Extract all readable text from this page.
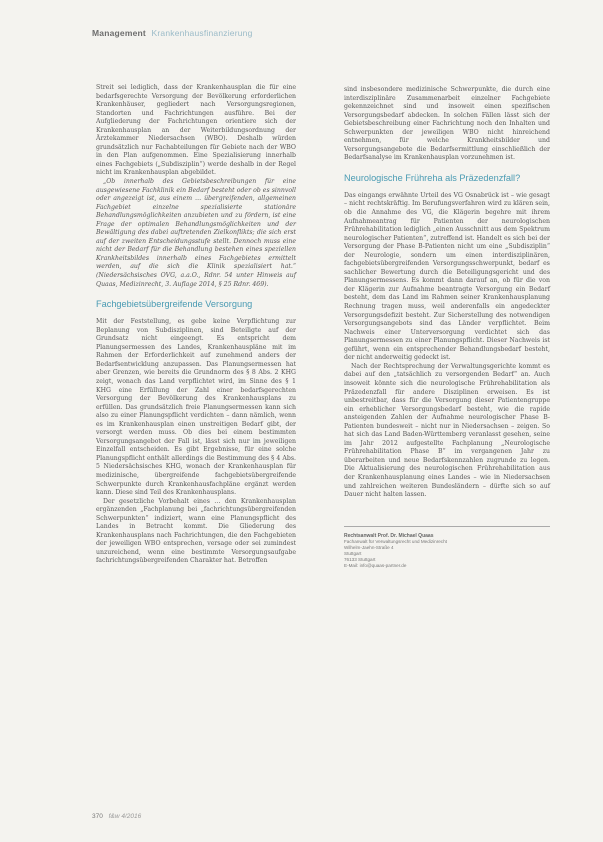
Management Krankenhausfinanzierung

Streit sei lediglich, dass der Krankenhausplan die für eine bedarfsgerechte Versorgung der Bevölkerung erforderlichen Krankenhäuser, gegliedert nach Versorgungsregionen, Standorten und Fachrichtungen ausführe. Bei der Aufgliederung der Fachrichtungen orientiere sich der Krankenhausplan an der Weiterbildungsordnung der Ärztekammer Niedersachsen (WBO). Deshalb würden grundsätzlich nur Fachabteilungen für Gebiete nach der WBO in den Plan aufgenommen. Eine Spezialisierung innerhalb eines Fachgebiets („Subdisziplin“) werde deshalb in der Regel nicht im Krankenhausplan abgebildet.

„Ob innerhalb des Gebietsbeschreibungen für eine ausgewiesene Fachklinik ein Bedarf besteht oder ob es sinnvoll oder angezeigt ist, aus einem … übergreifenden, allgemeinen Fachgebiet einzelne spezialisierte stationäre Behandlungsmöglichkeiten anzubieten und zu fördern, ist eine Frage der optimalen Behandlungsmöglichkeiten und der Bewältigung des dabei auftretenden Zielkonflikts; die sich erst auf der zweiten Entscheidungsstufe stellt. Dennoch muss eine nicht der Bedarf für die Behandlung bestehen eines speziellen Krankheitsbildes innerhalb eines Fachgebietes ermittelt werden, auf die sich die Klinik spezialisiert hat.“ (Niedersächsisches OVG, a.a.O., Rdnr. 54 unter Hinweis auf Quaas, Medizinrecht, 3. Auflage 2014, § 25 Rdnr. 469).

Fachgebietsübergreifende Versorgung

Mit der Feststellung, es gebe keine Verpflichtung zur Beplanung von Subdisziplinen, sind Beteiligte auf der Grundsatz nicht eingeengt. Es entspricht dem Planungsermessen des Landes, Krankenhauspläne mit im Rahmen der Erforderlichkeit auf zunehmend anders der Bedarfsentwicklung anzupassen. Das Planungsermessen hat aber Grenzen, wie bereits die Grundnorm des § 8 Abs. 2 KHG zeigt, wonach das Land verpflichtet wird, im Sinne des § 1 KHG eine Erfüllung der Zahl einer bedarfsgerechten Versorgung der Bevölkerung des Krankenhausplans zu erfüllen. Das grundsätzlich freie Planungsermessen kann sich also zu einer Planungspflicht verdichten – dann nämlich, wenn es im Krankenhausplan einen unstreitigen Bedarf gibt, der versorgt werden muss. Ob dies bei einem bestimmten Versorgungsangebot der Fall ist, lässt sich nur im jeweiligen Einzelfall entscheiden. Es gibt Ergebnisse, für eine solche Planungspflicht enthält allerdings die Bestimmung des § 4 Abs. 5 Niedersächsisches KHG, wonach der Krankenhausplan für medizinische, übergreifende fachgebietsübergreifende Schwerpunkte durch Krankenhausfachpläne ergänzt werden kann. Diese sind Teil des Krankenhausplans.

Der gesetzliche Vorbehalt eines … den Krankenhausplan ergänzenden „Fachplanung bei „fachrichtungsübergreifenden Schwerpunkten“ indiziert, wann eine Planungspflicht des Landes in Betracht kommt. Die Gliederung des Krankenhausplans nach Fachrichtungen, die den Fachgebieten der jeweiligen WBO entsprechen, versage oder sei zumindest unzureichend, wenn eine bestimmte Versorgungsaufgabe fachrichtungsübergreifenden Charakter hat. Betroffen

sind insbesondere medizinische Schwerpunkte, die durch eine interdisziplinäre Zusammenarbeit einzelner Fachgebiete gekennzeichnet sind und insoweit einen spezifischen Versorgungsbedarf abdecken. In solchen Fällen lässt sich der Gebietsbeschreibung einer Fachrichtung noch den Inhalten und Schwerpunkten der jeweiligen WBO nicht hinreichend entnehmen, für welche Krankheitsbilder und Versorgungsangebote die Bedarfsermittlung einschließlich der Bedarfsanalyse im Krankenhausplan vorzunehmen ist.

Neurologische Frühreha als Präzedenzfall?

Das eingangs erwähnte Urteil des VG Osnabrück ist – wie gesagt – nicht rechtskräftig. Im Berufungsverfahren wird zu klären sein, ob die Annahme des VG, die Klägerin begehre mit ihrem Aufnahmeantrag für Patienten der neurologischen Frührehabilitation lediglich „einen Ausschnitt aus dem Spektrum neurologischer Patienten“, zutreffend ist. Handelt es sich bei der Versorgung der Phase B-Patienten nicht um eine „Subdisziplin“ der Neurologie, sondern um einen interdisziplinären, fachgebietsübergreifenden Versorgungsschwerpunkt, bedarf es sachlicher Bewertung durch die Beteiligungsgericht und des Planungsermessens. Es kommt dann darauf an, ob für die von der Klägerin zur Aufnahme beantragte Versorgung ein Bedarf besteht, dem das Land im Rahmen seiner Krankenhausplanung Rechnung tragen muss, weil anderenfalls ein angedeckter Versorgungsdefizit besteht. Zur Sicherstellung des notwendigen Versorgungsangebots sind das Länder verpflichtet. Beim Nachweis einer Unterversorgung verdichtet sich das Planungsermessen zu einer Planungspflicht. Dieser Nachweis ist geführt, wenn ein entsprechender Behandlungsbedarf besteht, der nicht anderweitig gedeckt ist.

Nach der Rechtsprechung der Verwaltungsgerichte kommt es dabei auf den „tatsächlich zu versorgenden Bedarf“ an. Auch insoweit könnte sich die neurologische Frührehabilitation als Präzedenzfall für andere Disziplinen erweisen. Es ist unbestreitbar, dass für die Versorgung dieser Patientengruppe ein erheblicher Versorgungsbedarf besteht, wie die rapide ansteigenden Zahlen der Aufnahme neurologischer Phase B-Patienten bundesweit – nicht nur in Niedersachsen – zeigen. So hat sich das Land Baden-Württemberg veranlasst gesehen, seine im Jahr 2012 aufgestellte Fachplanung „Neurologische Frührehabilitation Phase B“ im vergangenen Jahr zu überarbeiten und neue Bedarfskennzahlen zugrunde zu legen. Die Aktualisierung des neurologischen Frührehabilitation aus der Krankenhausplanung eines Landes – wie in Niedersachsen und zahlreichen weiteren Bundesländern – dürfte sich so auf Dauer nicht halten lassen.

Rechtsanwalt Prof. Dr. Michael Quaas
Fachanwalt für Verwaltungsrecht und Medizinrecht
Wilhelm-Jaehn-Straße 4
Stuttgart
76133 Stuttgart
E-Mail: info@quaas-partner.de
370 f&w 4/2016
